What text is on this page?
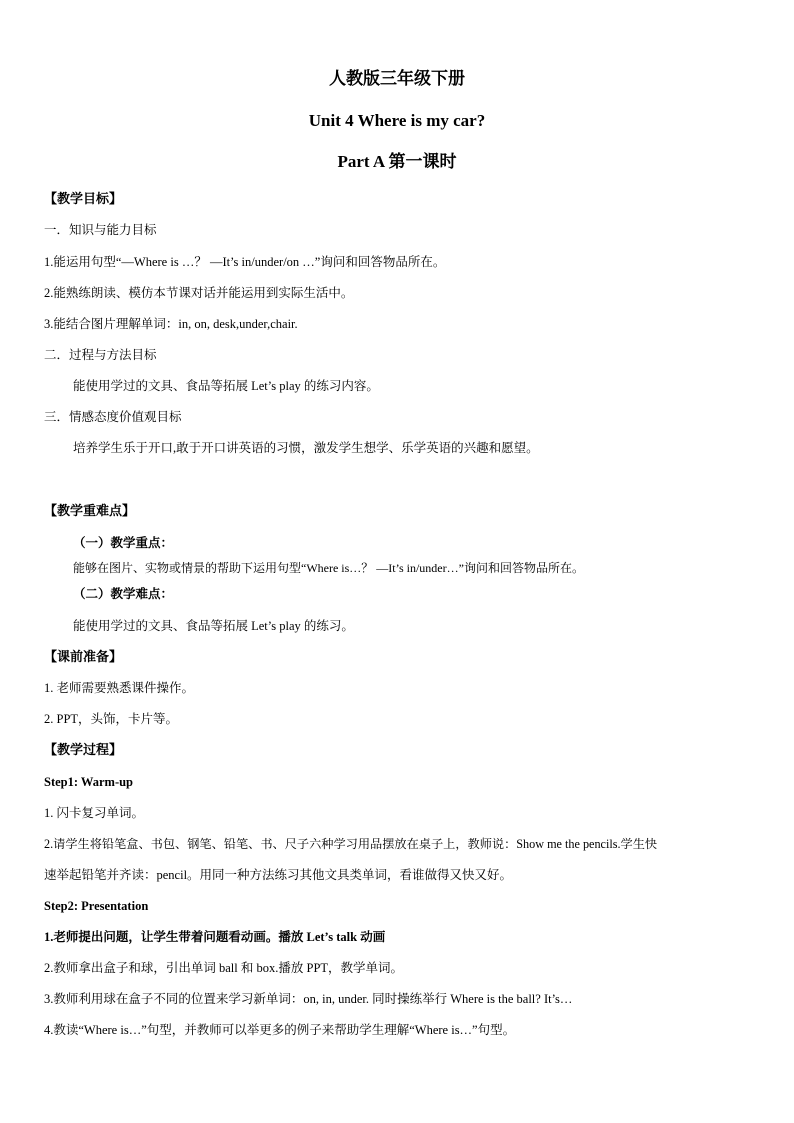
人教版三年级下册
Unit 4 Where is my car?
Part A 第一课时
【教学目标】
一．知识与能力目标
1.能运用句型“—Where is …？ —It’s in/under/on …”询问和回答物品所在。
2.能熟练朗读、模仿本节课对话并能运用到实际生活中。
3.能结合图片理解单词：in, on, desk,under,chair.
二．过程与方法目标
能使用学过的文具、食品等拓展 Let’s play 的练习内容。
三．情感态度价值观目标
培养学生乐于开口,敢于开口讲英语的习惯，激发学生想学、乐学英语的兴趣和愿望。
【教学重难点】
（一）教学重点：
能够在图片、实物或情景的帮助下运用句型“Where is…？ —It’s in/under…”询问和回答物品所在。
（二）教学难点：
能使用学过的文具、食品等拓展 Let’s play 的练习。
【课前准备】
1. 老师需要熟悉课件操作。
2. PPT，头饰，卡片等。
【教学过程】
Step1: Warm-up
1. 闪卡复习单词。
2.请学生将铅笔盒、书包、钢笔、铅笔、书、尺子六种学习用品摆放在桌子上，教师说：Show me the pencils.学生快
速举起铅笔并齐读：pencil。用同一种方法练习其他文具类单词，看谁做得又快又好。
Step2: Presentation
1.老师提出问题，让学生带着问题看动画。播放 Let’s talk 动画
2.教师拿出盒子和球，引出单词 ball 和 box.播放 PPT，教学单词。
3.教师利用球在盒子不同的位置来学习新单词：on, in, under. 同时操练举行 Where is the ball? It’s…
4.教读“Where is…”句型，并教师可以举更多的例子来帮助学生理解“Where is…”句型。
